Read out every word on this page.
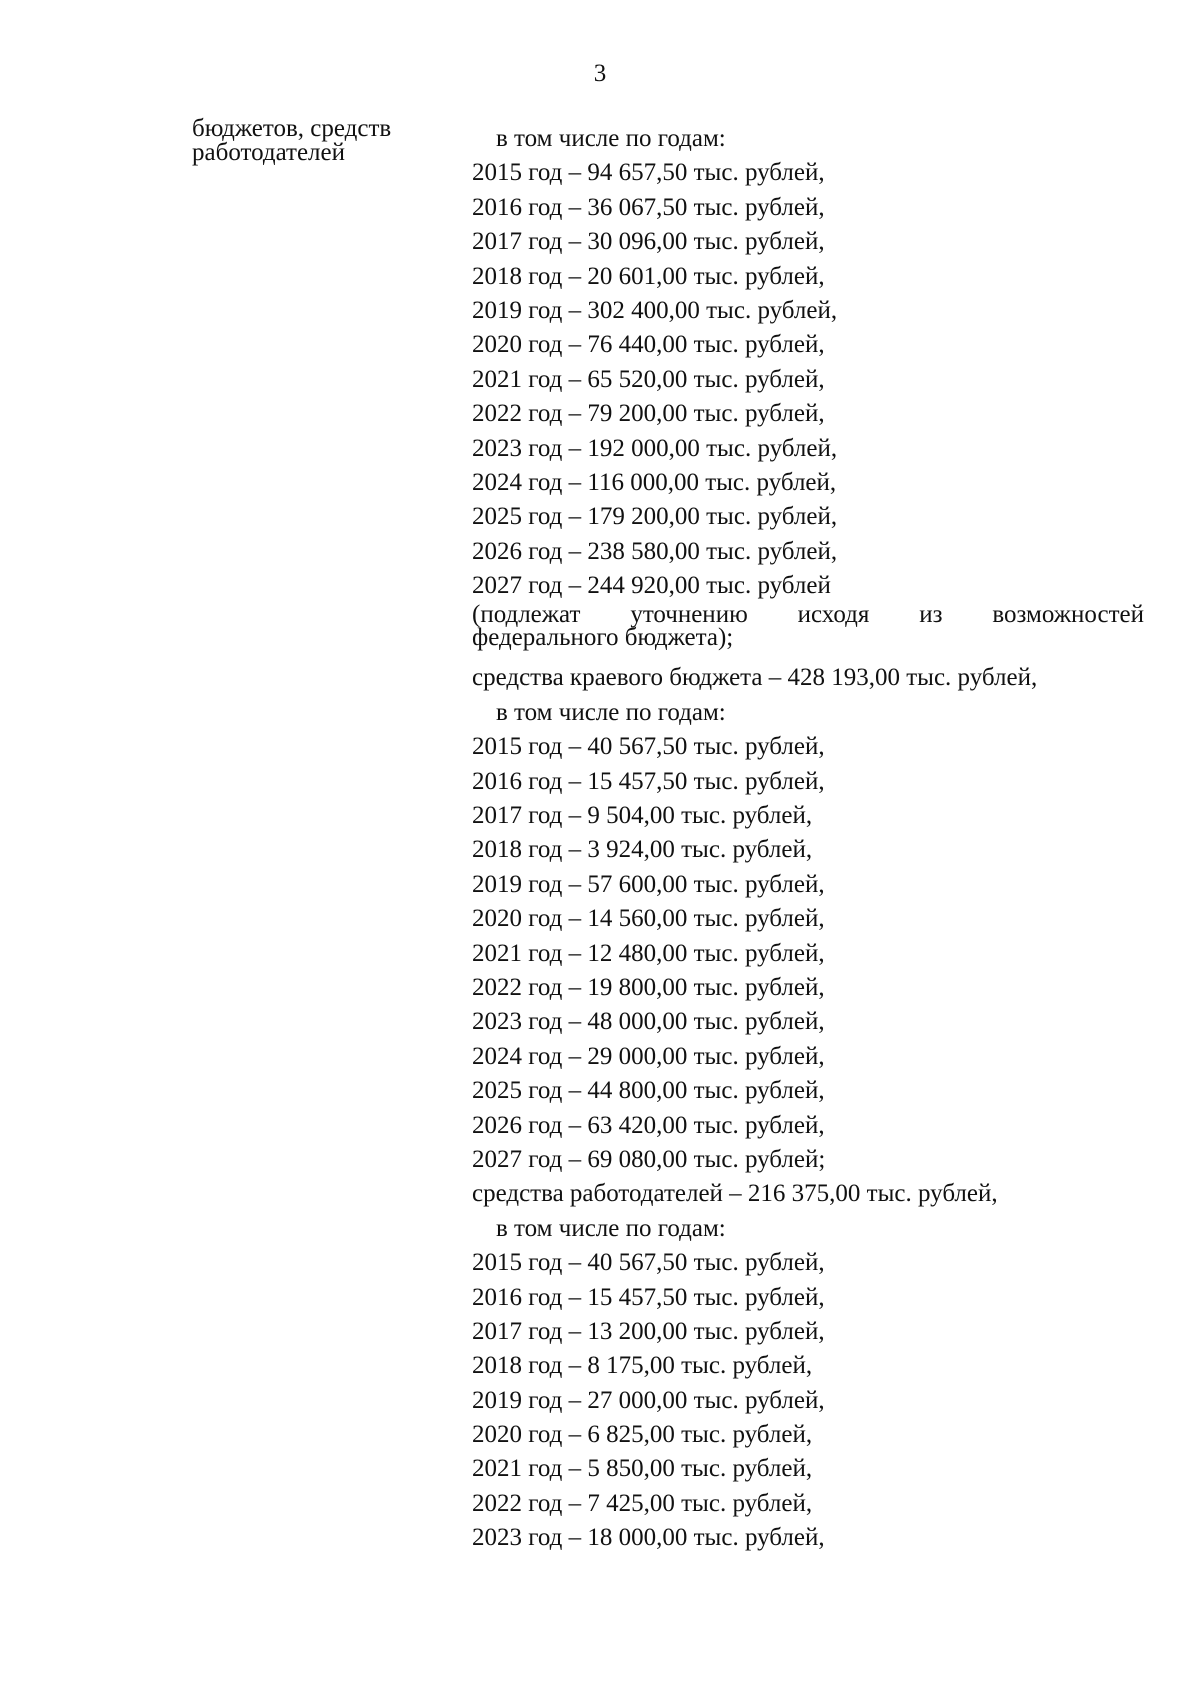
3
бюджетов, средств
работодателей
в том числе по годам:
2015 год – 94 657,50 тыс. рублей,
2016 год – 36 067,50 тыс. рублей,
2017 год – 30 096,00 тыс. рублей,
2018 год – 20 601,00 тыс. рублей,
2019 год – 302 400,00 тыс. рублей,
2020 год – 76 440,00 тыс. рублей,
2021 год – 65 520,00 тыс. рублей,
2022 год – 79 200,00 тыс. рублей,
2023 год – 192 000,00 тыс. рублей,
2024 год – 116 000,00 тыс. рублей,
2025 год – 179 200,00 тыс. рублей,
2026 год – 238 580,00 тыс. рублей,
2027 год – 244 920,00 тыс. рублей
(подлежат уточнению исходя из возможностей
федерального бюджета);
средства краевого бюджета – 428 193,00 тыс. рублей,
в том числе по годам:
2015 год – 40 567,50 тыс. рублей,
2016 год – 15 457,50 тыс. рублей,
2017 год – 9 504,00 тыс. рублей,
2018 год – 3 924,00 тыс. рублей,
2019 год – 57 600,00 тыс. рублей,
2020 год – 14 560,00 тыс. рублей,
2021 год – 12 480,00 тыс. рублей,
2022 год – 19 800,00 тыс. рублей,
2023 год – 48 000,00 тыс. рублей,
2024 год – 29 000,00 тыс. рублей,
2025 год – 44 800,00 тыс. рублей,
2026 год – 63 420,00 тыс. рублей,
2027 год – 69 080,00 тыс. рублей;
средства работодателей – 216 375,00 тыс. рублей,
в том числе по годам:
2015 год – 40 567,50 тыс. рублей,
2016 год – 15 457,50 тыс. рублей,
2017 год – 13 200,00 тыс. рублей,
2018 год – 8 175,00 тыс. рублей,
2019 год – 27 000,00 тыс. рублей,
2020 год – 6 825,00 тыс. рублей,
2021 год – 5 850,00 тыс. рублей,
2022 год – 7 425,00 тыс. рублей,
2023 год – 18 000,00 тыс. рублей,
